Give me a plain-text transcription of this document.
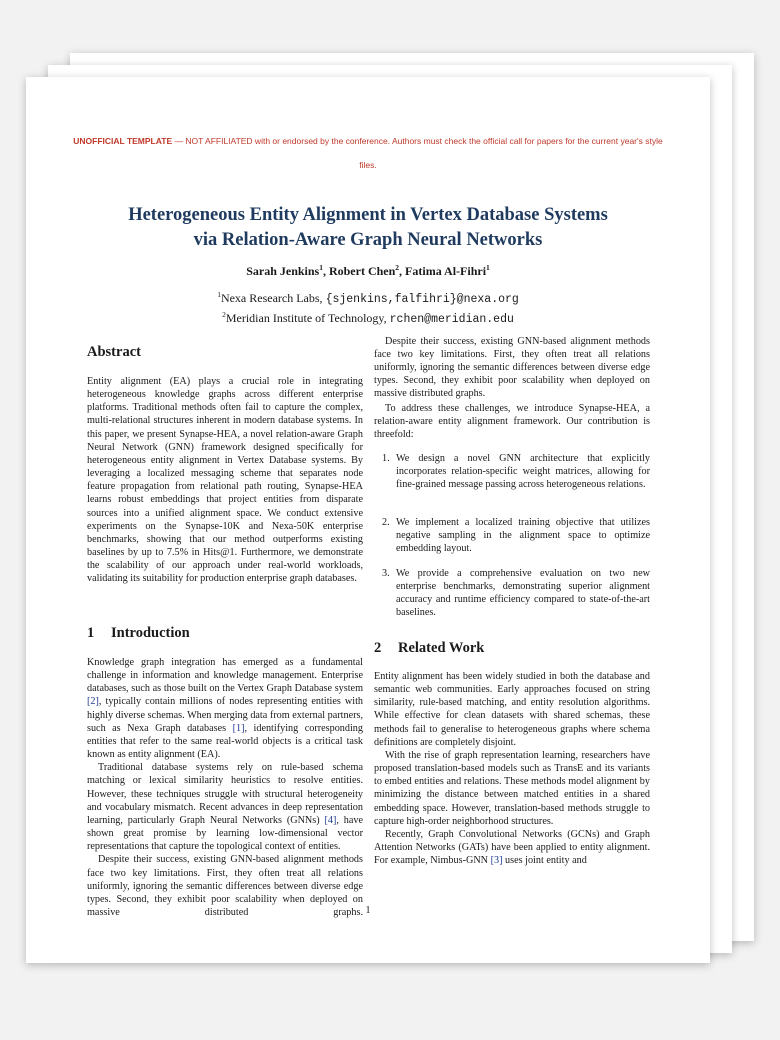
UNOFFICIAL TEMPLATE — NOT AFFILIATED with or endorsed by the conference. Authors must check the official call for papers for the current year's style files.
Heterogeneous Entity Alignment in Vertex Database Systems
via Relation-Aware Graph Neural Networks
Sarah Jenkins$^1$, Robert Chen$^2$, Fatima Al-Fihri$^1$
$^1$Nexa Research Labs, {sjenkins,falfihri}@nexa.org
$^2$Meridian Institute of Technology, rchen@meridian.edu
Abstract

Entity alignment (EA) plays a crucial role in integrating heterogeneous knowledge graphs across different enterprise platforms. Traditional methods often fail to capture the complex, multi-relational structures inherent in modern database systems. In this paper, we present Synapse-HEA, a novel relation-aware Graph Neural Network (GNN) framework designed specifically for heterogeneous entity alignment in Vertex Database systems. By leveraging a localized messaging scheme that separates node feature propagation from relational path routing, Synapse-HEA learns robust embeddings that project entities from disparate sources into a unified alignment space. We conduct extensive experiments on the Synapse-10K and Nexa-50K enterprise benchmarks, showing that our method outperforms existing baselines by up to 7.5% in Hits@1. Furthermore, we demonstrate the scalability of our approach under real-world workloads, validating its suitability for production enterprise graph databases.

1 Introduction

Knowledge graph integration has emerged as a fundamental challenge in information and knowledge management. Enterprise databases, such as those built on the Vertex Graph Database system [2], typically contain millions of nodes representing entities with highly diverse schemas. When merging data from external partners, such as Nexa Graph databases [1], identifying corresponding entities that refer to the same real-world objects is a critical task known as entity alignment (EA).

Traditional database systems rely on rule-based schema matching or lexical similarity heuristics to resolve entities. However, these techniques struggle with structural heterogeneity and vocabulary mismatch. Recent advances in deep representation learning, particularly Graph Neural Networks (GNNs) [4], have shown great promise by learning low-dimensional vector representations that capture the topological context of entities.

Despite their success, existing GNN-based alignment methods face two key limitations. First, they often treat all relations uniformly, ignoring the semantic differences between diverse edge types. Second, they exhibit poor scalability when deployed on massive distributed graphs.

Despite their success, existing GNN-based alignment methods face two key limitations. First, they often treat all relations uniformly, ignoring the semantic differences between diverse edge types. Second, they exhibit poor scalability when deployed on massive distributed graphs.

To address these challenges, we introduce Synapse-HEA, a relation-aware entity alignment framework. Our contribution is threefold:

1. We design a novel GNN architecture that explicitly incorporates relation-specific weight matrices, allowing for fine-grained message passing across heterogeneous relations.
2. We implement a localized training objective that utilizes negative sampling in the alignment space to optimize embedding layout.
3. We provide a comprehensive evaluation on two new enterprise benchmarks, demonstrating superior alignment accuracy and runtime efficiency compared to state-of-the-art baselines.
2 Related Work

Entity alignment has been widely studied in both the database and semantic web communities. Early approaches focused on string similarity, rule-based matching, and entity resolution algorithms. While effective for clean datasets with shared schemas, these methods fail to generalise to heterogeneous graphs where schema definitions are completely disjoint.

With the rise of graph representation learning, researchers have proposed translation-based models such as TransE and its variants to embed entities and relations. These methods model alignment by minimizing the distance between matched entities in a shared embedding space. However, translation-based methods struggle to capture high-order neighborhood structures.

Recently, Graph Convolutional Networks (GCNs) and Graph Attention Networks (GATs) have been applied to entity alignment. For example, Nimbus-GNN [3] uses joint entity and

1
